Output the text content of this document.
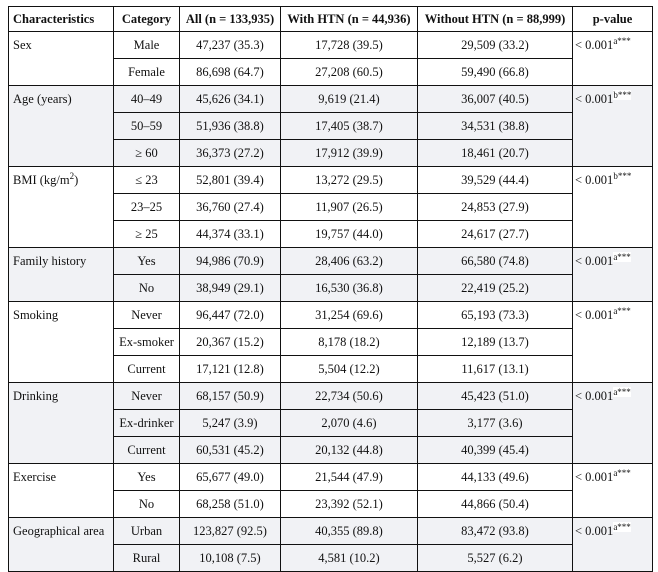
Characteristics	Category	All (n = 133,935)	With HTN (n = 44,936)	Without HTN (n = 88,999)	p-value
Sex	Male	47,237 (35.3)	17,728 (39.5)	29,509 (33.2)	< $0.001^{a***}$
	Female	86,698 (64.7)	27,208 (60.5)	59,490 (66.8)	
Age (years)	40–49	45,626 (34.1)	9,619 (21.4)	36,007 (40.5)	< $0.001^{b***}$
	50–59	51,936 (38.8)	17,405 (38.7)	34,531 (38.8)	
	≥ 60	36,373 (27.2)	17,912 (39.9)	18,461 (20.7)	
BMI $(kg/m^2)$	≤ 23	52,801 (39.4)	13,272 (29.5)	39,529 (44.4)	< $0.001^{b***}$
	23–25	36,760 (27.4)	11,907 (26.5)	24,853 (27.9)	
	≥ 25	44,374 (33.1)	19,757 (44.0)	24,617 (27.7)	
Family history	Yes	94,986 (70.9)	28,406 (63.2)	66,580 (74.8)	< $0.001^{a***}$
	No	38,949 (29.1)	16,530 (36.8)	22,419 (25.2)	
Smoking	Never	96,447 (72.0)	31,254 (69.6)	65,193 (73.3)	< $0.001^{a***}$
	Ex-smoker	20,367 (15.2)	8,178 (18.2)	12,189 (13.7)	
	Current	17,121 (12.8)	5,504 (12.2)	11,617 (13.1)	
Drinking	Never	68,157 (50.9)	22,734 (50.6)	45,423 (51.0)	< $0.001^{a***}$
	Ex-drinker	5,247 (3.9)	2,070 (4.6)	3,177 (3.6)	
	Current	60,531 (45.2)	20,132 (44.8)	40,399 (45.4)	
Exercise	Yes	65,677 (49.0)	21,544 (47.9)	44,133 (49.6)	< $0.001^{a***}$
	No	68,258 (51.0)	23,392 (52.1)	44,866 (50.4)	
Geographical area	Urban	123,827 (92.5)	40,355 (89.8)	83,472 (93.8)	< $0.001^{a***}$
	Rural	10,108 (7.5)	4,581 (10.2)	5,527 (6.2)	
